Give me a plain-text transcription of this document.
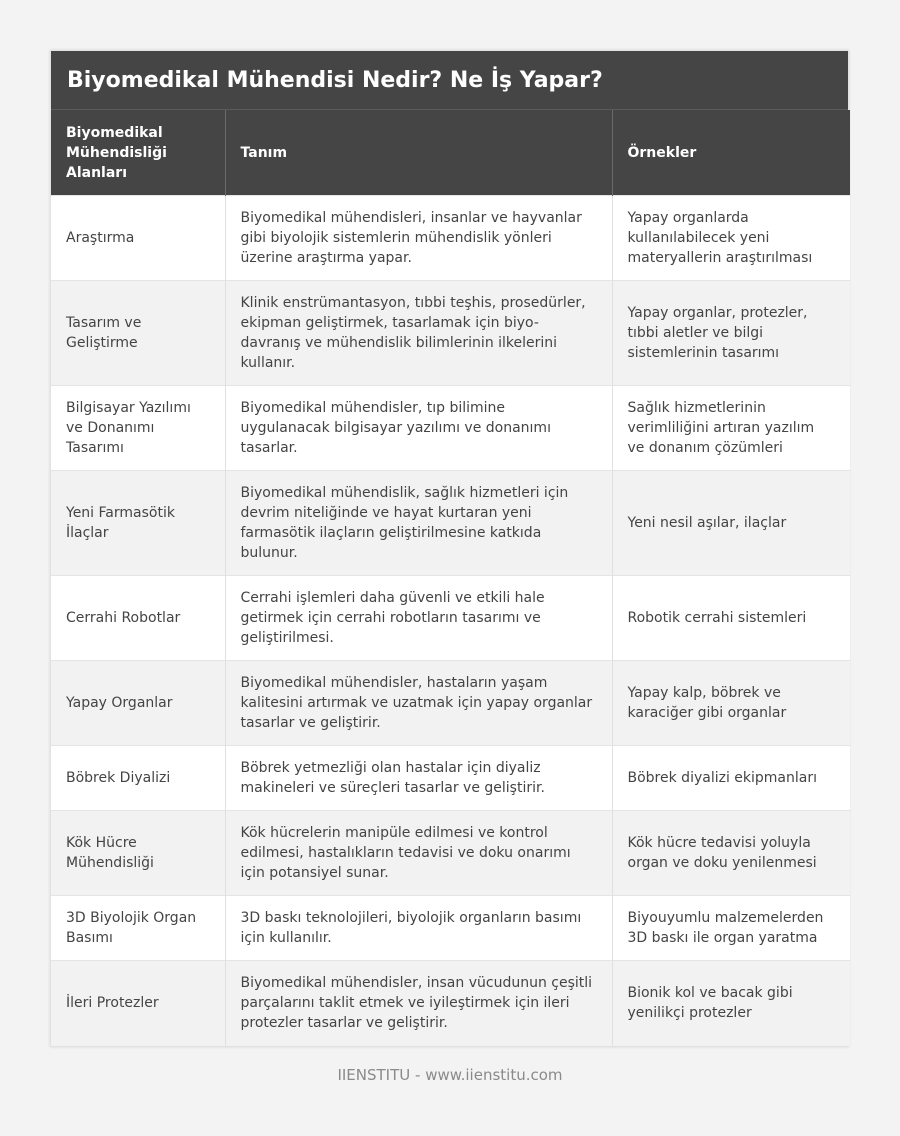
Biyomedikal Mühendisi Nedir? Ne İş Yapar?
Biyomedikal Mühendisliği Alanları	Tanım	Örnekler
Araştırma	Biyomedikal mühendisleri, insanlar ve hayvanlar gibi biyolojik sistemlerin mühendislik yönleri üzerine araştırma yapar.	Yapay organlarda kullanılabilecek yeni materyallerin araştırılması
Tasarım ve Geliştirme	Klinik enstrümantasyon, tıbbi teşhis, prosedürler, ekipman geliştirmek, tasarlamak için biyo-davranış ve mühendislik bilimlerinin ilkelerini kullanır.	Yapay organlar, protezler, tıbbi aletler ve bilgi sistemlerinin tasarımı
Bilgisayar Yazılımı ve Donanımı Tasarımı	Biyomedikal mühendisler, tıp bilimine uygulanacak bilgisayar yazılımı ve donanımı tasarlar.	Sağlık hizmetlerinin verimliliğini artıran yazılım ve donanım çözümleri
Yeni Farmasötik İlaçlar	Biyomedikal mühendislik, sağlık hizmetleri için devrim niteliğinde ve hayat kurtaran yeni farmasötik ilaçların geliştirilmesine katkıda bulunur.	Yeni nesil aşılar, ilaçlar
Cerrahi Robotlar	Cerrahi işlemleri daha güvenli ve etkili hale getirmek için cerrahi robotların tasarımı ve geliştirilmesi.	Robotik cerrahi sistemleri
Yapay Organlar	Biyomedikal mühendisler, hastaların yaşam kalitesini artırmak ve uzatmak için yapay organlar tasarlar ve geliştirir.	Yapay kalp, böbrek ve karaciğer gibi organlar
Böbrek Diyalizi	Böbrek yetmezliği olan hastalar için diyaliz makineleri ve süreçleri tasarlar ve geliştirir.	Böbrek diyalizi ekipmanları
Kök Hücre Mühendisliği	Kök hücrelerin manipüle edilmesi ve kontrol edilmesi, hastalıkların tedavisi ve doku onarımı için potansiyel sunar.	Kök hücre tedavisi yoluyla organ ve doku yenilenmesi
3D Biyolojik Organ Basımı	3D baskı teknolojileri, biyolojik organların basımı için kullanılır.	Biyouyumlu malzemelerden 3D baskı ile organ yaratma
İleri Protezler	Biyomedikal mühendisler, insan vücudunun çeşitli parçalarını taklit etmek ve iyileştirmek için ileri protezler tasarlar ve geliştirir.	Bionik kol ve bacak gibi yenilikçi protezler
IIENSTITU - www.iienstitu.com
